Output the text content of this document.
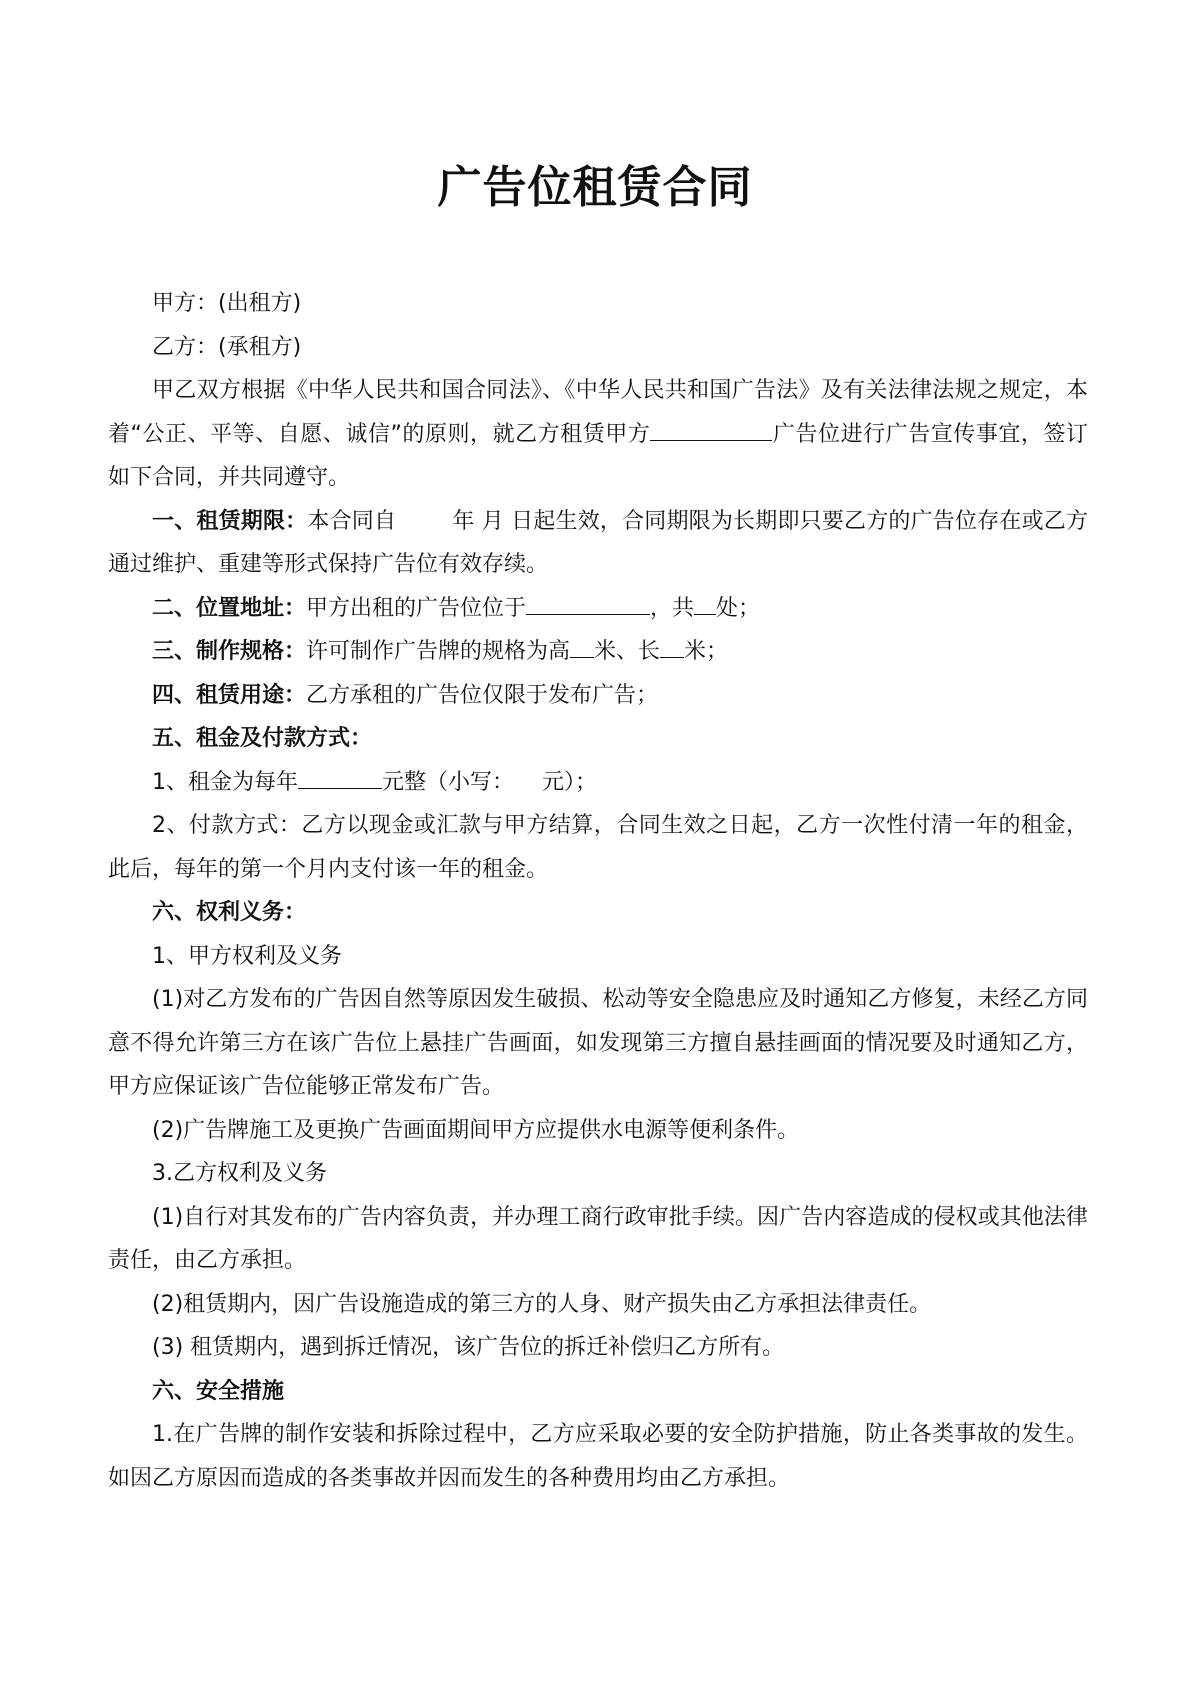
广告位租赁合同

甲方：(出租方)

乙方：(承租方)

甲乙双方根据《中华人民共和国合同法》、《中华人民共和国广告法》及有关法律法规之规定，本着“公正、平等、自愿、诚信”的原则，就乙方租赁甲方	广告位进行广告宣传事宜，签订如下合同，并共同遵守。

一、租赁期限：本合同自	年 月 日起生效，合同期限为长期即只要乙方的广告位存在或乙方通过维护、重建等形式保持广告位有效存续。

二、位置地址：甲方出租的广告位位于	，共 处；

三、制作规格：许可制作广告牌的规格为高 米、长 米；

四、租赁用途：乙方承租的广告位仅限于发布广告；

五、租金及付款方式：

1、租金为每年	元整（小写： 元）；

2、付款方式：乙方以现金或汇款与甲方结算，合同生效之日起，乙方一次性付清一年的租金，此后，每年的第一个月内支付该一年的租金。

六、权利义务：

1、甲方权利及义务

(1)对乙方发布的广告因自然等原因发生破损、松动等安全隐患应及时通知乙方修复，未经乙方同意不得允许第三方在该广告位上悬挂广告画面，如发现第三方擅自悬挂画面的情况要及时通知乙方，甲方应保证该广告位能够正常发布广告。

(2)广告牌施工及更换广告画面期间甲方应提供水电源等便利条件。

3.乙方权利及义务

(1)自行对其发布的广告内容负责，并办理工商行政审批手续。因广告内容造成的侵权或其他法律责任，由乙方承担。

(2)租赁期内，因广告设施造成的第三方的人身、财产损失由乙方承担法律责任。

(3) 租赁期内，遇到拆迁情况，该广告位的拆迁补偿归乙方所有。

六、安全措施

1.在广告牌的制作安装和拆除过程中，乙方应采取必要的安全防护措施，防止各类事故的发生。如因乙方原因而造成的各类事故并因而发生的各种费用均由乙方承担。
